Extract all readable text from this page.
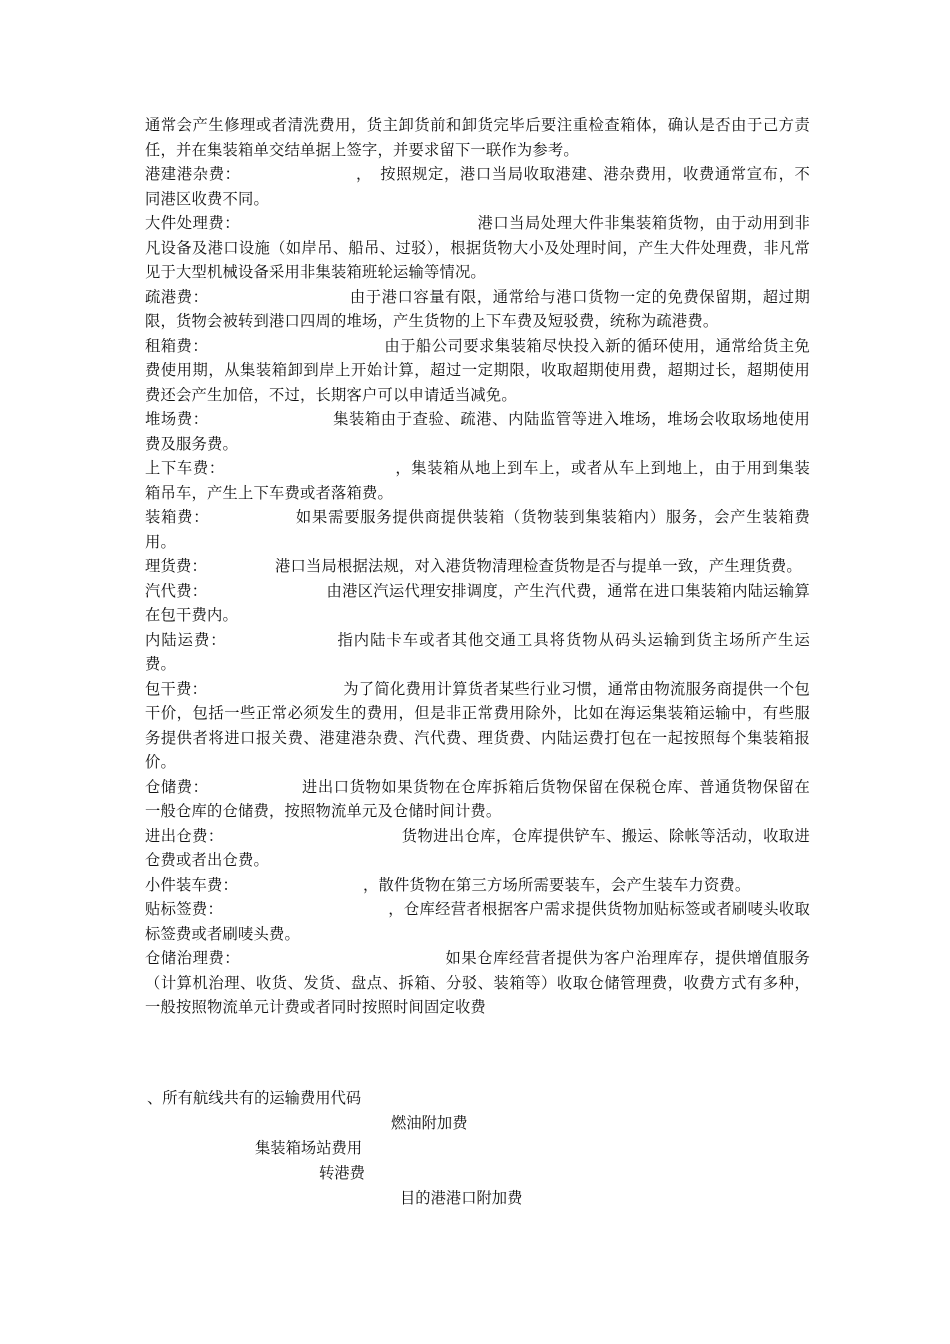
通常会产生修理或者清洗费用，货主卸货前和卸货完毕后要注重检查箱体，确认是否由于己方责任，并在集装箱单交结单据上签字，并要求留下一联作为参考。

港建港杂费：	，　按照规定，港口当局收取港建、港杂费用，收费通常宣布，不同港区收费不同。

大件处理费：	港口当局处理大件非集装箱货物，由于动用到非凡设备及港口设施（如岸吊、船吊、过驳），根据货物大小及处理时间，产生大件处理费，非凡常见于大型机械设备采用非集装箱班轮运输等情况。

疏港费：	由于港口容量有限，通常给与港口货物一定的免费保留期，超过期限，货物会被转到港口四周的堆场，产生货物的上下车费及短驳费，统称为疏港费。

租箱费：	由于船公司要求集装箱尽快投入新的循环使用，通常给货主免费使用期，从集装箱卸到岸上开始计算，超过一定期限，收取超期使用费，超期过长，超期使用费还会产生加倍，不过，长期客户可以申请适当减免。

堆场费：	集装箱由于查验、疏港、内陆监管等进入堆场，堆场会收取场地使用费及服务费。

上下车费：	，集装箱从地上到车上，或者从车上到地上，由于用到集装箱吊车，产生上下车费或者落箱费。

装箱费：	如果需要服务提供商提供装箱（货物装到集装箱内）服务，会产生装箱费用。

理货费：	港口当局根据法规，对入港货物清理检查货物是否与提单一致，产生理货费。

汽代费：	由港区汽运代理安排调度，产生汽代费，通常在进口集装箱内陆运输算在包干费内。

内陆运费：	指内陆卡车或者其他交通工具将货物从码头运输到货主场所产生运费。

包干费：	为了简化费用计算货者某些行业习惯，通常由物流服务商提供一个包干价，包括一些正常必须发生的费用，但是非正常费用除外，比如在海运集装箱运输中，有些服务提供者将进口报关费、港建港杂费、汽代费、理货费、内陆运费打包在一起按照每个集装箱报价。

仓储费：	进出口货物如果货物在仓库拆箱后货物保留在保税仓库、普通货物保留在一般仓库的仓储费，按照物流单元及仓储时间计费。

进出仓费：	货物进出仓库，仓库提供铲车、搬运、除帐等活动，收取进仓费或者出仓费。

小件装车费：	，散件货物在第三方场所需要装车，会产生装车力资费。

贴标签费：	，仓库经营者根据客户需求提供货物加贴标签或者刷唛头收取标签费或者刷唛头费。

仓储治理费：	如果仓库经营者提供为客户治理库存，提供增值服务（计算机治理、收货、发货、盘点、拆箱、分驳、装箱等）收取仓储管理费，收费方式有多种，一般按照物流单元计费或者同时按照时间固定收费

、所有航线共有的运输费用代码
燃油附加费
集装箱场站费用
转港费
目的港港口附加费
